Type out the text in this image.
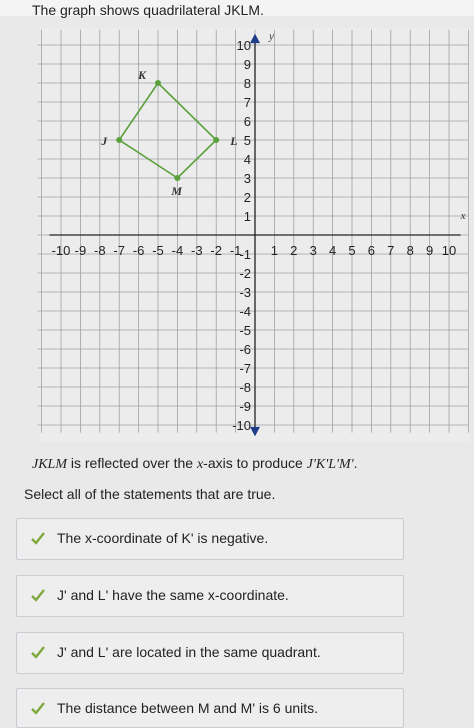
The graph shows quadrilateral JKLM.
x
y
-10 -9 -8 -7 -6 -5 -4 -3 -2 -1 1 2 3 4 5 6 7 8 9 10
10
9
8
7
6
5
4
3
2
1
-1
-2
-3
-4
-5
-6
-7
-8
-9
-10
K
L
M
J
JKLM is reflected over the x-axis to produce J'K'L'M'.
Select all of the statements that are true.
The x-coordinate of K' is negative.
J' and L' have the same x-coordinate.
J' and L' are located in the same quadrant.
The distance between M and M' is 6 units.
